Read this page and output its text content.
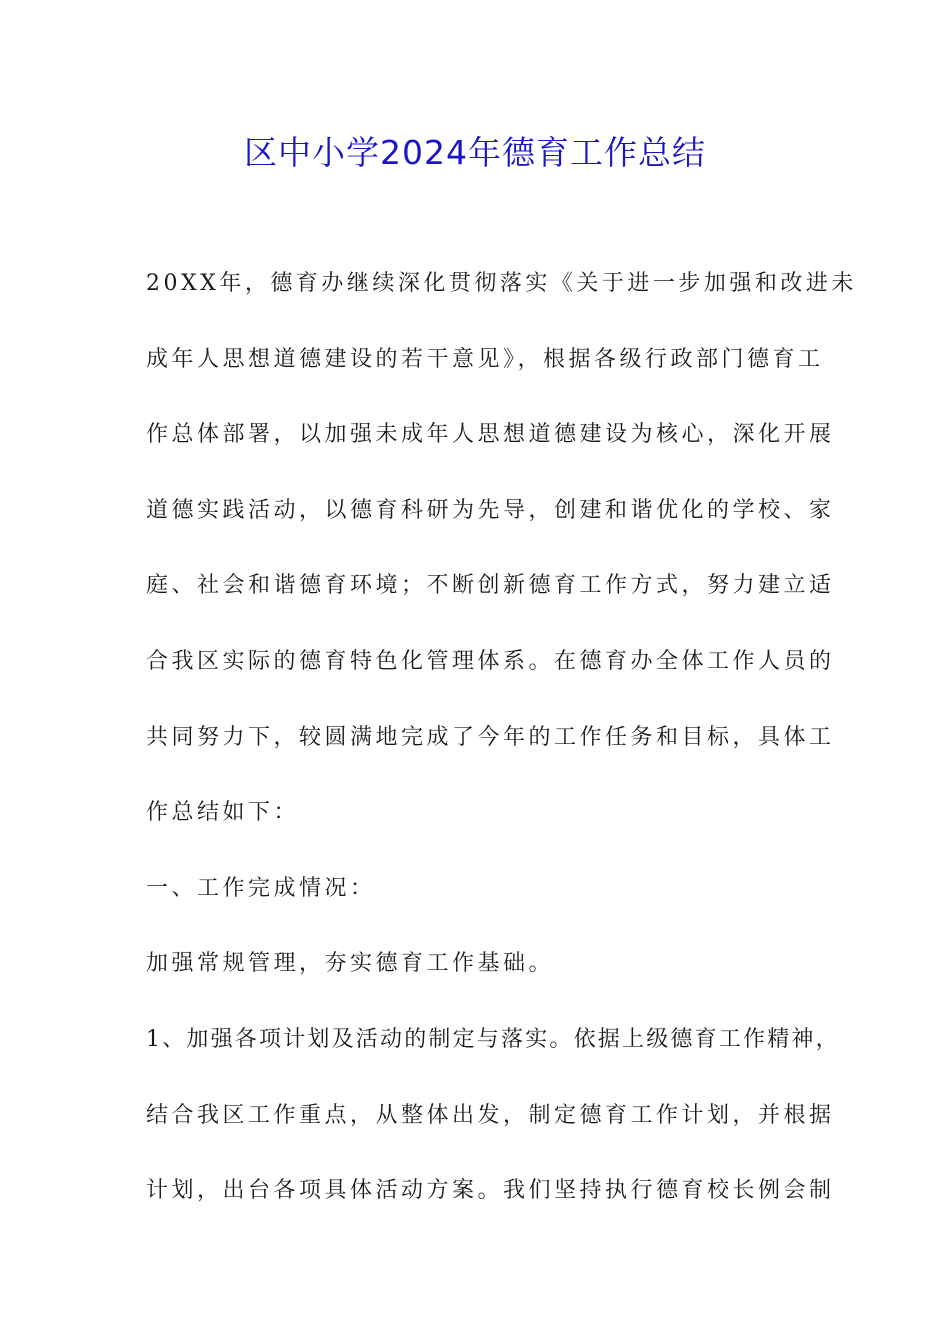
区中小学2024年德育工作总结
20XX年，德育办继续深化贯彻落实《关于进一步加强和改进未
成年人思想道德建设的若干意见》，根据各级行政部门德育工
作总体部署，以加强未成年人思想道德建设为核心，深化开展
道德实践活动，以德育科研为先导，创建和谐优化的学校、家
庭、社会和谐德育环境；不断创新德育工作方式，努力建立适
合我区实际的德育特色化管理体系。在德育办全体工作人员的
共同努力下，较圆满地完成了今年的工作任务和目标，具体工
作总结如下：
一、工作完成情况：
加强常规管理，夯实德育工作基础。
1、加强各项计划及活动的制定与落实。依据上级德育工作精神，
结合我区工作重点，从整体出发，制定德育工作计划，并根据
计划，出台各项具体活动方案。我们坚持执行德育校长例会制
